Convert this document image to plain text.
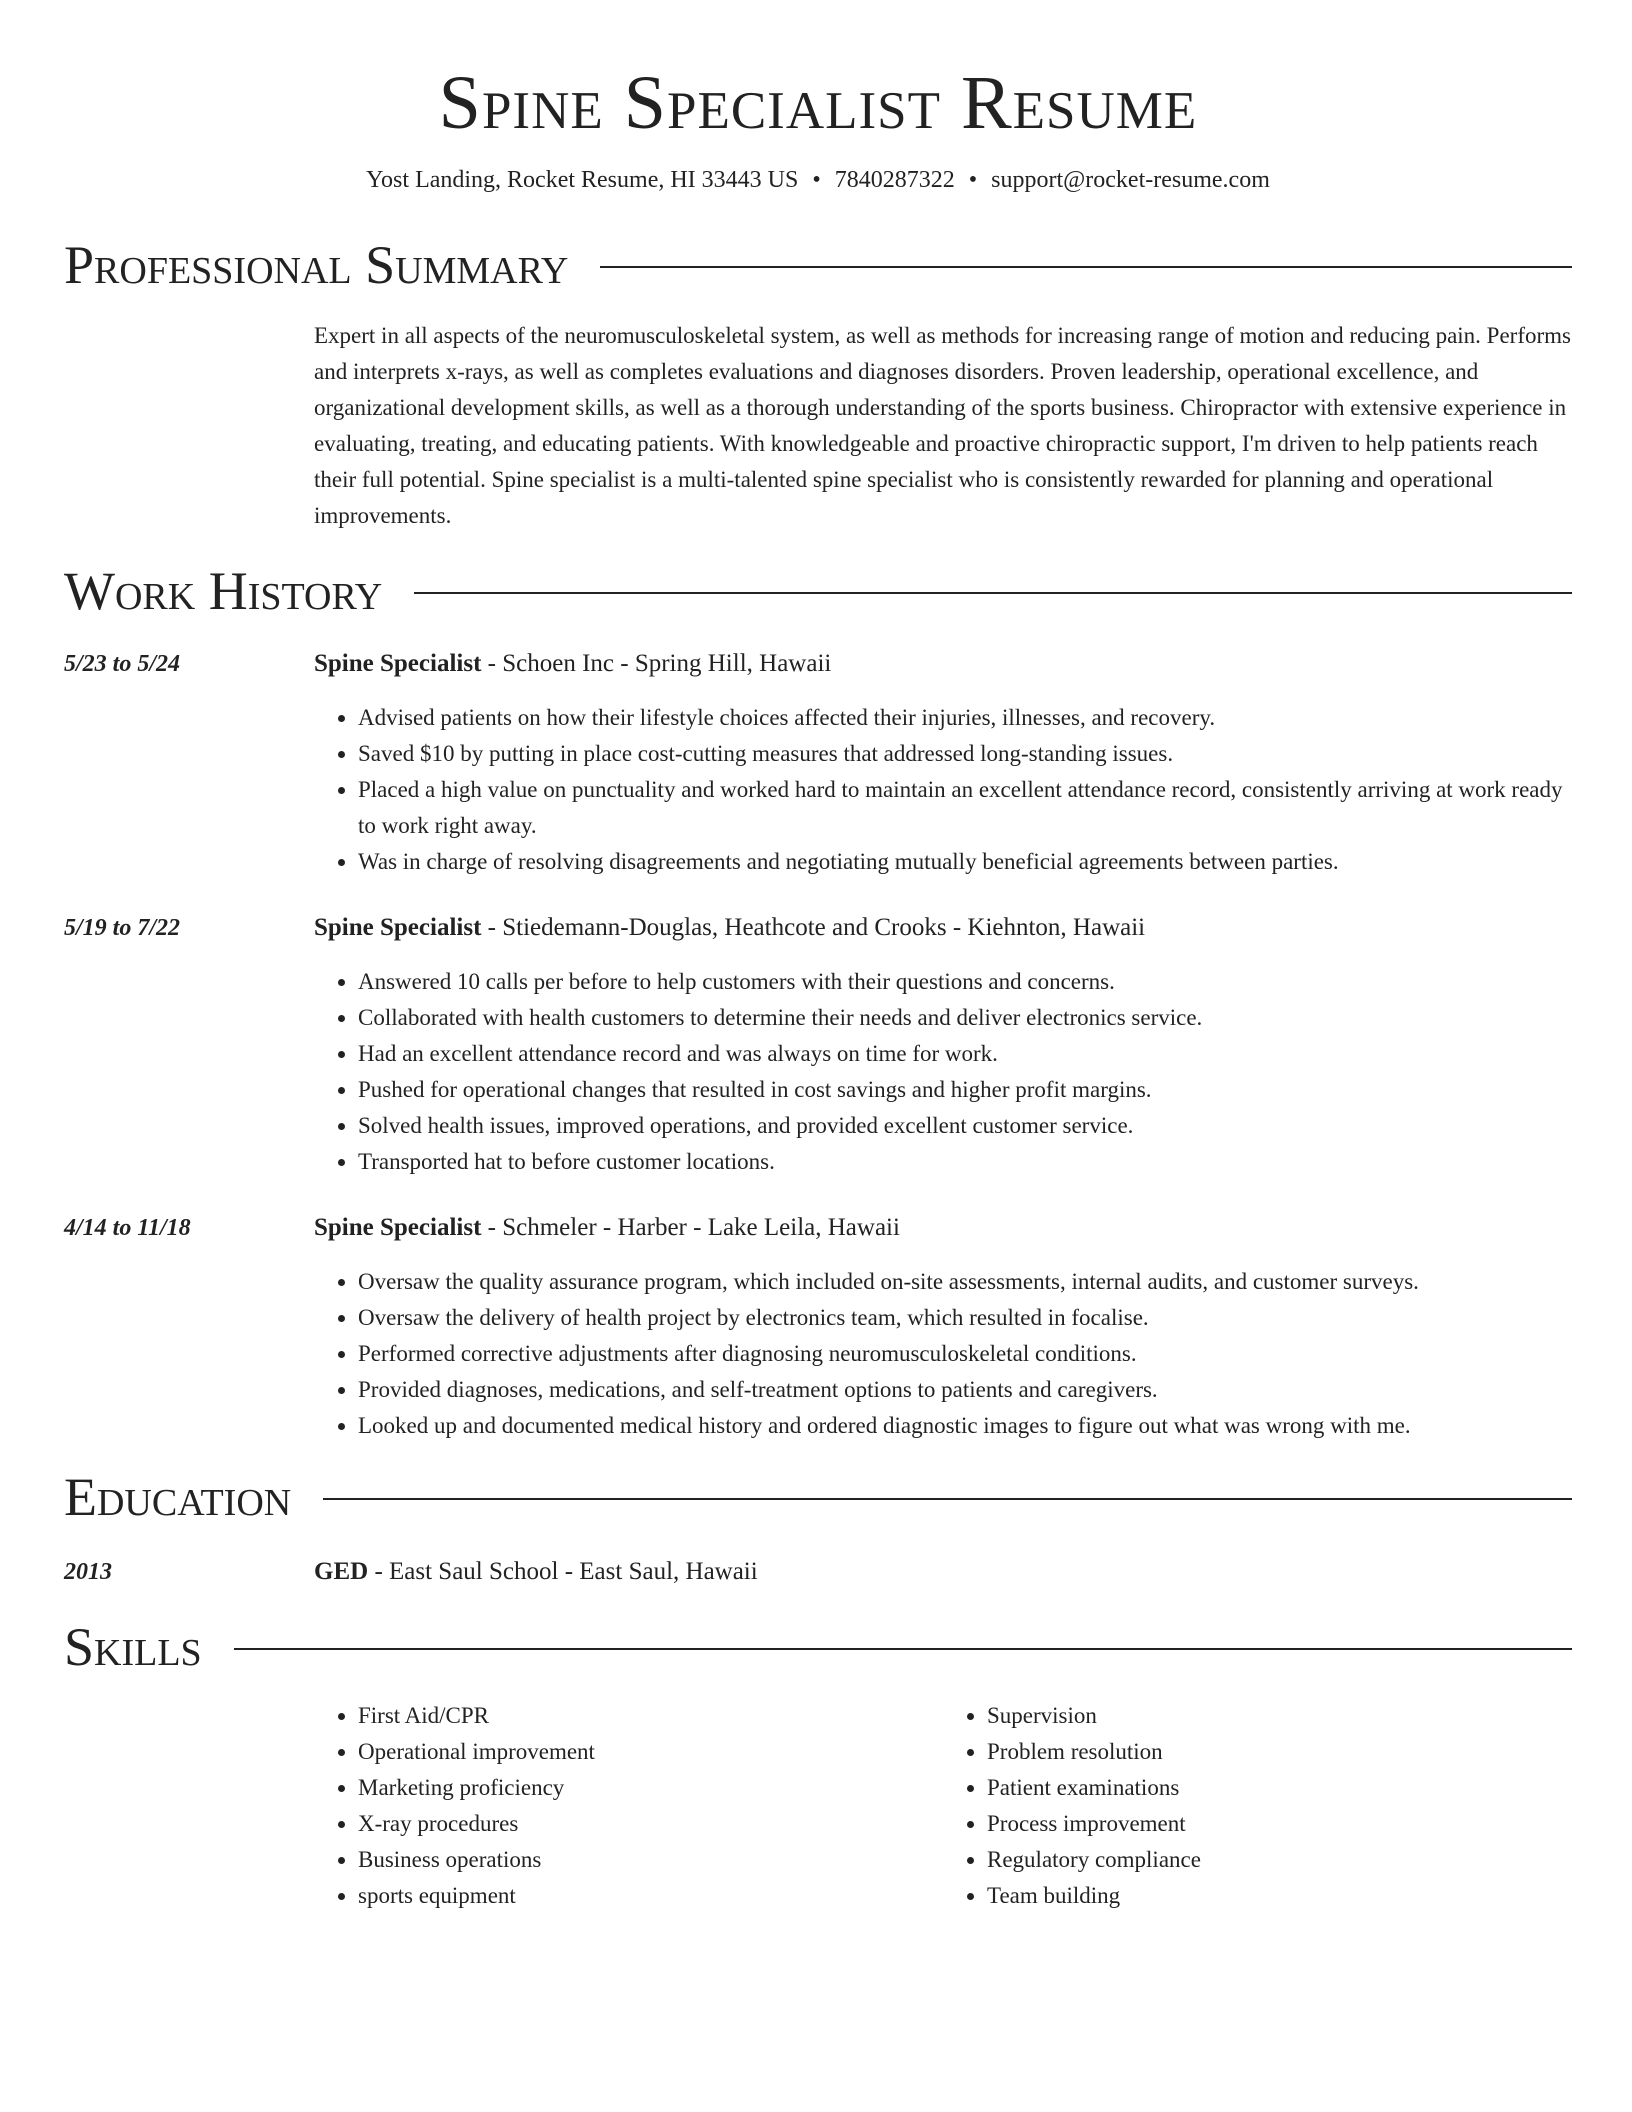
Spine Specialist Resume
Yost Landing, Rocket Resume, HI 33443 US • 7840287322 • support@rocket-resume.com
Professional Summary
Expert in all aspects of the neuromusculoskeletal system, as well as methods for increasing range of motion and reducing pain. Performs and interprets x-rays, as well as completes evaluations and diagnoses disorders. Proven leadership, operational excellence, and organizational development skills, as well as a thorough understanding of the sports business. Chiropractor with extensive experience in evaluating, treating, and educating patients. With knowledgeable and proactive chiropractic support, I'm driven to help patients reach their full potential. Spine specialist is a multi-talented spine specialist who is consistently rewarded for planning and operational improvements.
Work History
5/23 to 5/24	Spine Specialist - Schoen Inc - Spring Hill, Hawaii
• Advised patients on how their lifestyle choices affected their injuries, illnesses, and recovery.
• Saved $10 by putting in place cost-cutting measures that addressed long-standing issues.
• Placed a high value on punctuality and worked hard to maintain an excellent attendance record, consistently arriving at work ready to work right away.
• Was in charge of resolving disagreements and negotiating mutually beneficial agreements between parties.
5/19 to 7/22	Spine Specialist - Stiedemann-Douglas, Heathcote and Crooks - Kiehnton, Hawaii
• Answered 10 calls per before to help customers with their questions and concerns.
• Collaborated with health customers to determine their needs and deliver electronics service.
• Had an excellent attendance record and was always on time for work.
• Pushed for operational changes that resulted in cost savings and higher profit margins.
• Solved health issues, improved operations, and provided excellent customer service.
• Transported hat to before customer locations.
4/14 to 11/18	Spine Specialist - Schmeler - Harber - Lake Leila, Hawaii
• Oversaw the quality assurance program, which included on-site assessments, internal audits, and customer surveys.
• Oversaw the delivery of health project by electronics team, which resulted in focalise.
• Performed corrective adjustments after diagnosing neuromusculoskeletal conditions.
• Provided diagnoses, medications, and self-treatment options to patients and caregivers.
• Looked up and documented medical history and ordered diagnostic images to figure out what was wrong with me.
Education
2013	GED - East Saul School - East Saul, Hawaii
Skills
• First Aid/CPR
• Operational improvement
• Marketing proficiency
• X-ray procedures
• Business operations
• sports equipment
• Supervision
• Problem resolution
• Patient examinations
• Process improvement
• Regulatory compliance
• Team building
